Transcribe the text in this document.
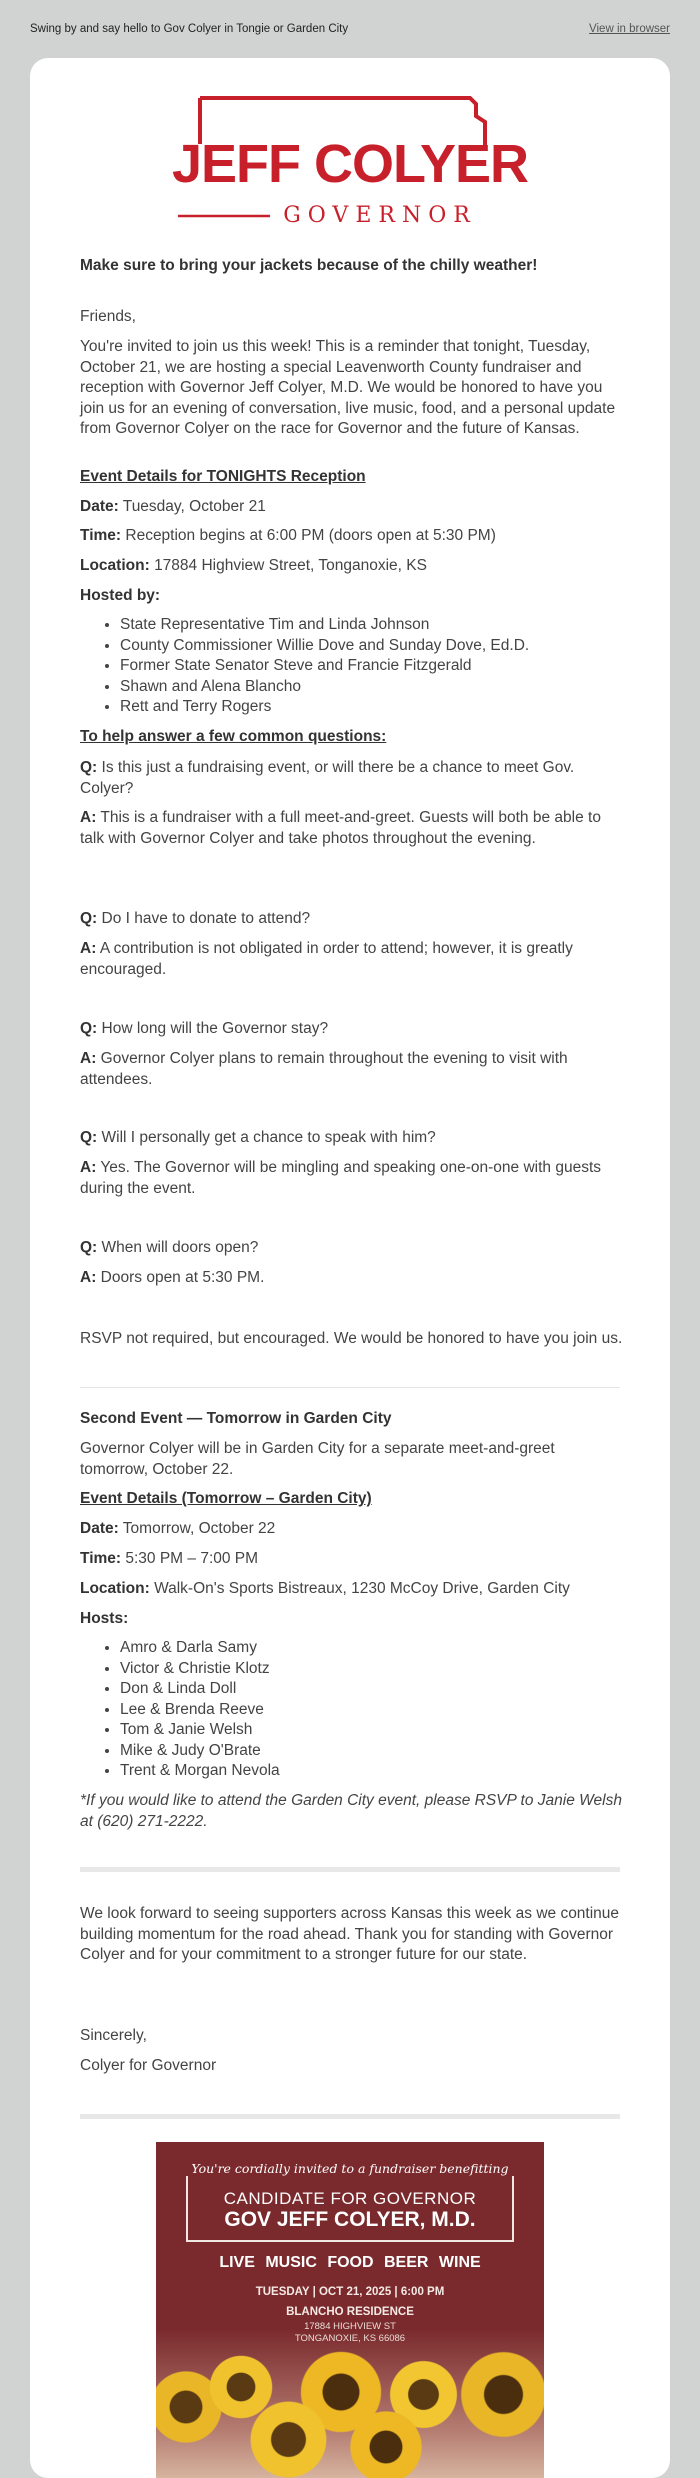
Swing by and say hello to Gov Colyer in Tongie or Garden City	View in browser
JEFF COLYER
GOVERNOR

Make sure to bring your jackets because of the chilly weather!

Friends,

You're invited to join us this week! This is a reminder that tonight, Tuesday, October 21, we are hosting a special Leavenworth County fundraiser and reception with Governor Jeff Colyer, M.D. We would be honored to have you join us for an evening of conversation, live music, food, and a personal update from Governor Colyer on the race for Governor and the future of Kansas.

Event Details for TONIGHTS Reception

Date: Tuesday, October 21

Time: Reception begins at 6:00 PM (doors open at 5:30 PM)

Location: 17884 Highview Street, Tonganoxie, KS

Hosted by:

• State Representative Tim and Linda Johnson
• County Commissioner Willie Dove and Sunday Dove, Ed.D.
• Former State Senator Steve and Francie Fitzgerald
• Shawn and Alena Blancho
• Rett and Terry Rogers

To help answer a few common questions:

Q: Is this just a fundraising event, or will there be a chance to meet Gov. Colyer?

A: This is a fundraiser with a full meet-and-greet. Guests will both be able to talk with Governor Colyer and take photos throughout the evening.

Q: Do I have to donate to attend?

A: A contribution is not obligated in order to attend; however, it is greatly encouraged.

Q: How long will the Governor stay?

A: Governor Colyer plans to remain throughout the evening to visit with attendees.

Q: Will I personally get a chance to speak with him?

A: Yes. The Governor will be mingling and speaking one-on-one with guests during the event.

Q: When will doors open?

A: Doors open at 5:30 PM.

RSVP not required, but encouraged. We would be honored to have you join us.

Second Event — Tomorrow in Garden City

Governor Colyer will be in Garden City for a separate meet-and-greet tomorrow, October 22.

Event Details (Tomorrow – Garden City)

Date: Tomorrow, October 22

Time: 5:30 PM – 7:00 PM

Location: Walk-On's Sports Bistreaux, 1230 McCoy Drive, Garden City

Hosts:

• Amro & Darla Samy
• Victor & Christie Klotz
• Don & Linda Doll
• Lee & Brenda Reeve
• Tom & Janie Welsh
• Mike & Judy O'Brate
• Trent & Morgan Nevola

*If you would like to attend the Garden City event, please RSVP to Janie Welsh at (620) 271-2222.

We look forward to seeing supporters across Kansas this week as we continue building momentum for the road ahead. Thank you for standing with Governor Colyer and for your commitment to a stronger future for our state.

Sincerely,

Colyer for Governor

You're cordially invited to a fundraiser benefitting
CANDIDATE FOR GOVERNOR
GOV JEFF COLYER, M.D.
LIVE MUSIC FOOD BEER WINE
TUESDAY | OCT 21, 2025 | 6:00 PM
BLANCHO RESIDENCE
17884 HIGHVIEW ST
TONGANOXIE, KS 66086
